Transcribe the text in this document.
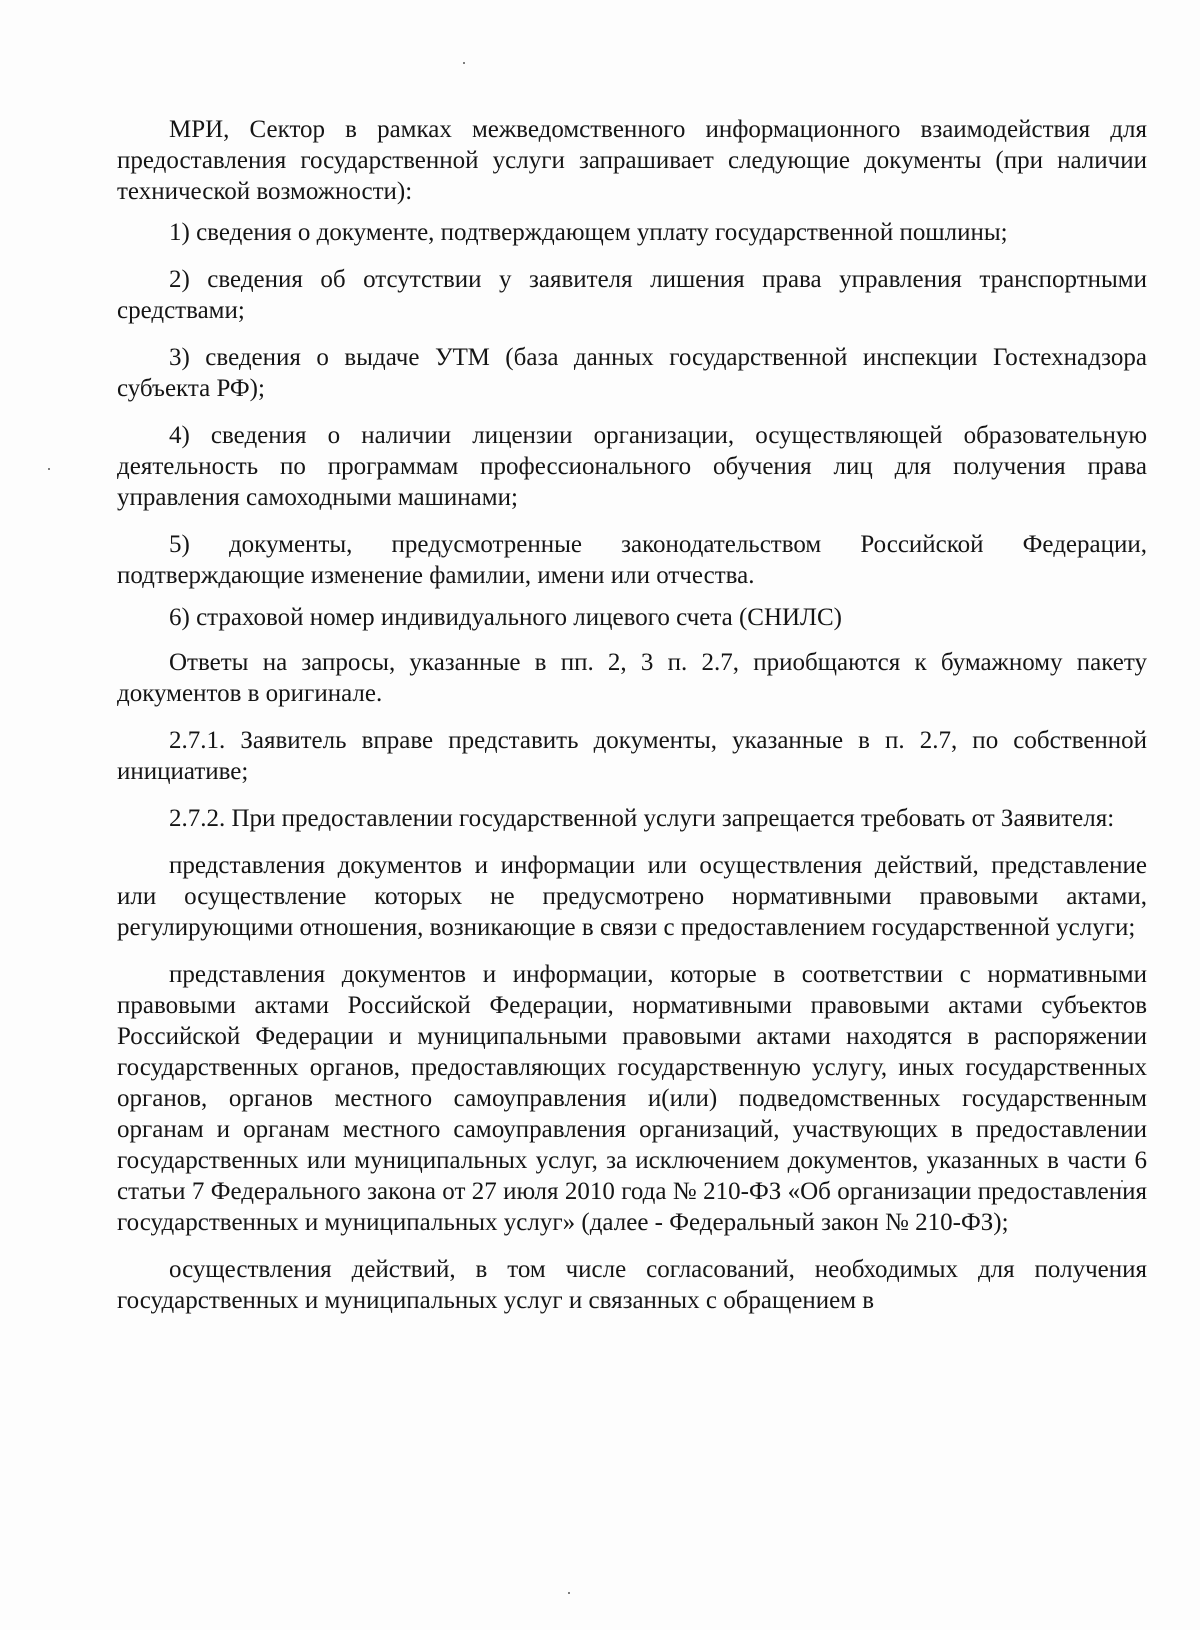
МРИ, Сектор в рамках межведомственного информационного взаимодействия для предоставления государственной услуги запрашивает следующие документы (при наличии технической возможности):

1) сведения о документе, подтверждающем уплату государственной пошлины;

2) сведения об отсутствии у заявителя лишения права управления транспортными средствами;

3) сведения о выдаче УТМ (база данных государственной инспекции Гостехнадзора субъекта РФ);

4) сведения о наличии лицензии организации, осуществляющей образовательную деятельность по программам профессионального обучения лиц для получения права управления самоходными машинами;

5) документы, предусмотренные законодательством Российской Федерации, подтверждающие изменение фамилии, имени или отчества.

6) страховой номер индивидуального лицевого счета (СНИЛС)

Ответы на запросы, указанные в пп. 2, 3 п. 2.7, приобщаются к бумажному пакету документов в оригинале.

2.7.1. Заявитель вправе представить документы, указанные в п. 2.7, по собственной инициативе;

2.7.2. При предоставлении государственной услуги запрещается требовать от Заявителя:

представления документов и информации или осуществления действий, представление или осуществление которых не предусмотрено нормативными правовыми актами, регулирующими отношения, возникающие в связи с предоставлением государственной услуги;

представления документов и информации, которые в соответствии с нормативными правовыми актами Российской Федерации, нормативными правовыми актами субъектов Российской Федерации и муниципальными правовыми актами находятся в распоряжении государственных органов, предоставляющих государственную услугу, иных государственных органов, органов местного самоуправления и(или) подведомственных государственным органам и органам местного самоуправления организаций, участвующих в предоставлении государственных или муниципальных услуг, за исключением документов, указанных в части 6 статьи 7 Федерального закона от 27 июля 2010 года № 210-ФЗ «Об организации предоставления государственных и муниципальных услуг» (далее - Федеральный закон № 210-ФЗ);

осуществления действий, в том числе согласований, необходимых для получения государственных и муниципальных услуг и связанных с обращением в
